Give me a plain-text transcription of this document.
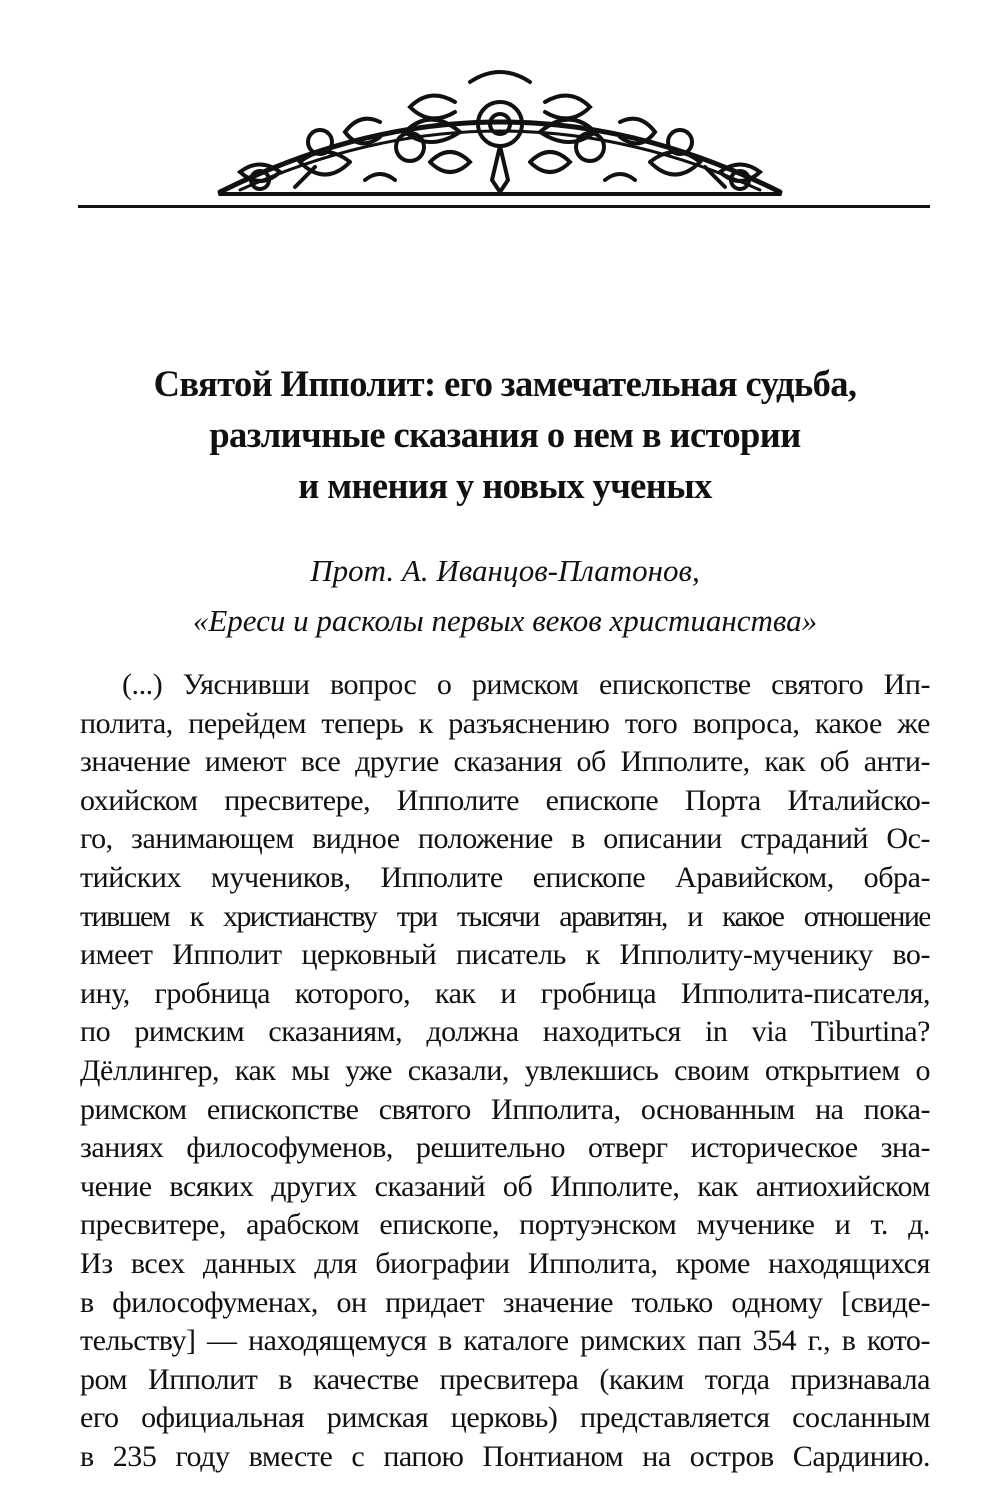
Святой Ипполит: его замечательная судьба,
различные сказания о нем в истории
и мнения у новых ученых
Прот. А. Иванцов-Платонов,
«Ереси и расколы первых веков христианства»
(...) Уяснивши вопрос о римском епископстве святого Ип-
полита, перейдем теперь к разъяснению того вопроса, какое же
значение имеют все другие сказания об Ипполите, как об анти-
охийском пресвитере, Ипполите епископе Порта Италийско-
го, занимающем видное положение в описании страданий Ос-
тийских мучеников, Ипполите епископе Аравийском, обра-
тившем к христианству три тысячи аравитян, и какое отношение
имеет Ипполит церковный писатель к Ипполиту-мученику во-
ину, гробница которого, как и гробница Ипполита-писателя,
по римским сказаниям, должна находиться in via Tiburtina?
Дёллингер, как мы уже сказали, увлекшись своим открытием о
римском епископстве святого Ипполита, основанным на пока-
заниях философуменов, решительно отверг историческое зна-
чение всяких других сказаний об Ипполите, как антиохийском
пресвитере, арабском епископе, портуэнском мученике и т. д.
Из всех данных для биографии Ипполита, кроме находящихся
в философуменах, он придает значение только одному [свиде-
тельству] — находящемуся в каталоге римских пап 354 г., в кото-
ром Ипполит в качестве пресвитера (каким тогда признавала
его официальная римская церковь) представляется сосланным
в 235 году вместе с папою Понтианом на остров Сардинию.
